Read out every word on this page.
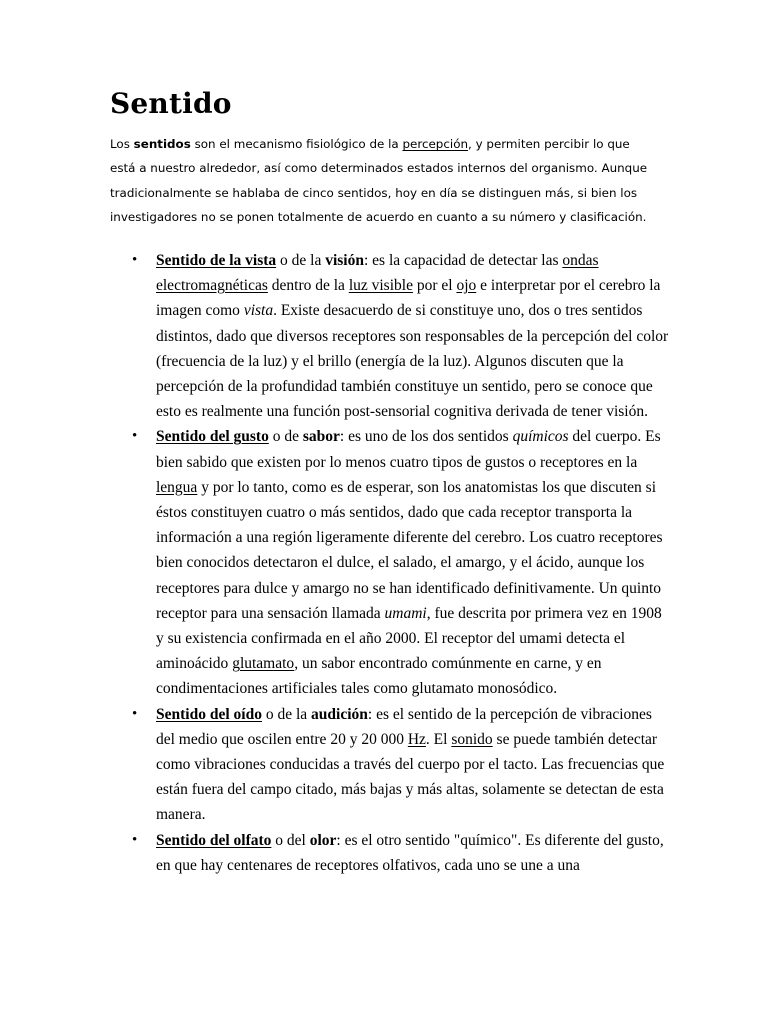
Sentido

Los sentidos son el mecanismo fisiológico de la percepción, y permiten percibir lo que está a nuestro alrededor, así como determinados estados internos del organismo. Aunque tradicionalmente se hablaba de cinco sentidos, hoy en día se distinguen más, si bien los investigadores no se ponen totalmente de acuerdo en cuanto a su número y clasificación.

• Sentido de la vista o de la visión: es la capacidad de detectar las ondas electromagnéticas dentro de la luz visible por el ojo e interpretar por el cerebro la imagen como vista. Existe desacuerdo de si constituye uno, dos o tres sentidos distintos, dado que diversos receptores son responsables de la percepción del color (frecuencia de la luz) y el brillo (energía de la luz). Algunos discuten que la percepción de la profundidad también constituye un sentido, pero se conoce que esto es realmente una función post-sensorial cognitiva derivada de tener visión.
• Sentido del gusto o de sabor: es uno de los dos sentidos químicos del cuerpo. Es bien sabido que existen por lo menos cuatro tipos de gustos o receptores en la lengua y por lo tanto, como es de esperar, son los anatomistas los que discuten si éstos constituyen cuatro o más sentidos, dado que cada receptor transporta la información a una región ligeramente diferente del cerebro. Los cuatro receptores bien conocidos detectaron el dulce, el salado, el amargo, y el ácido, aunque los receptores para dulce y amargo no se han identificado definitivamente. Un quinto receptor para una sensación llamada umami, fue descrita por primera vez en 1908 y su existencia confirmada en el año 2000. El receptor del umami detecta el aminoácido glutamato, un sabor encontrado comúnmente en carne, y en condimentaciones artificiales tales como glutamato monosódico.
• Sentido del oído o de la audición: es el sentido de la percepción de vibraciones del medio que oscilen entre 20 y 20 000 Hz. El sonido se puede también detectar como vibraciones conducidas a través del cuerpo por el tacto. Las frecuencias que están fuera del campo citado, más bajas y más altas, solamente se detectan de esta manera.
• Sentido del olfato o del olor: es el otro sentido "químico". Es diferente del gusto, en que hay centenares de receptores olfativos, cada uno se une a una
